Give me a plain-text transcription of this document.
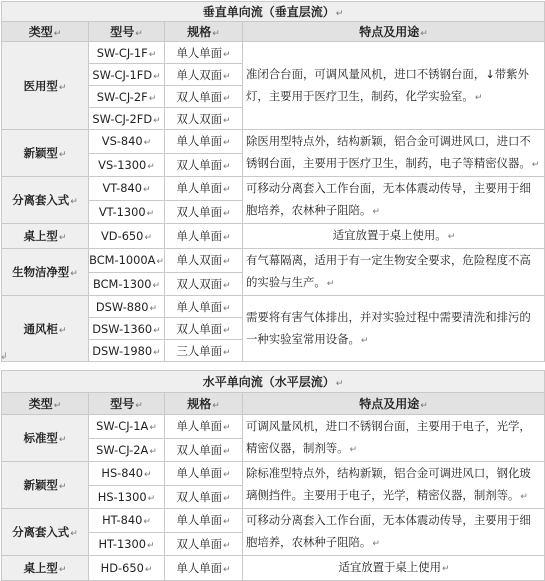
垂直单向流（垂直层流）↵			
类型↵	型号↵	规格↵	特点及用途↵
医用型↵	SW-CJ-1F↵	单人单面↵	准闭合台面，可调风量风机，进口不锈钢台面，↓带紫外灯，主要用于医疗卫生，制药，化学实验室。↵
	SW-CJ-1FD↵	单人双面↵	
	SW-CJ-2F↵	双人单面↵	
	SW-CJ-2FD↵	双人双面↵	
新颖型↵	VS-840↵	单人单面↵	除医用型特点外，结构新颖，铝合金可调进风口，进口不锈钢台面，主要用于医疗卫生，制药，电子等精密仪器。↵
	VS-1300↵	双人单面↵	
分离套入式↵	VT-840↵	单人单面↵	可移动分离套入工作台面，无本体震动传导，主要用于细胞培养，农林种子阻陪。↵
	VT-1300↵	双人单面↵	
桌上型↵	VD-650↵	单人单面↵	适宜放置于桌上使用。↵
生物洁净型↵	BCM-1000A↵	单人双面↵	有气幕隔离，适用于有一定生物安全要求，危险程度不高的实验与生产。↵
	BCM-1300↵	双人双面↵	
通风柜↵	DSW-880↵	单人单面↵	需要将有害气体排出，并对实验过程中需要清洗和排污的一种实验室常用设备。↵
	DSW-1360↵	双人单面↵	
	DSW-1980↵	三人单面↵	
↲
水平单向流（水平层流）↵			
类型↵	型号↵	规格↵	特点及用途↵
标准型↵	SW-CJ-1A↵	单人单面↵	可调风量风机，进口不锈钢台面，主要用于电子，光学，精密仪器，制剂等。↵
	SW-CJ-2A↵	双人单面↵	
新颖型↵	HS-840↵	单人单面↵	除标准型特点外，结构新颖，铝合金可调进风口，钢化玻璃侧挡件。主要用于电子，光学，精密仪器，制剂等。↵
	HS-1300↵	双人单面↵	
分离套入式↵	HT-840↵	单人单面↵	可移动分离套入工作台面，无本体震动传导，主要用于细胞培养，农林种子阻陪。↵
	HT-1300↵	双人单面↵	
桌上型↵	HD-650↵	单人单面↵	适宜放置于桌上使用↵
